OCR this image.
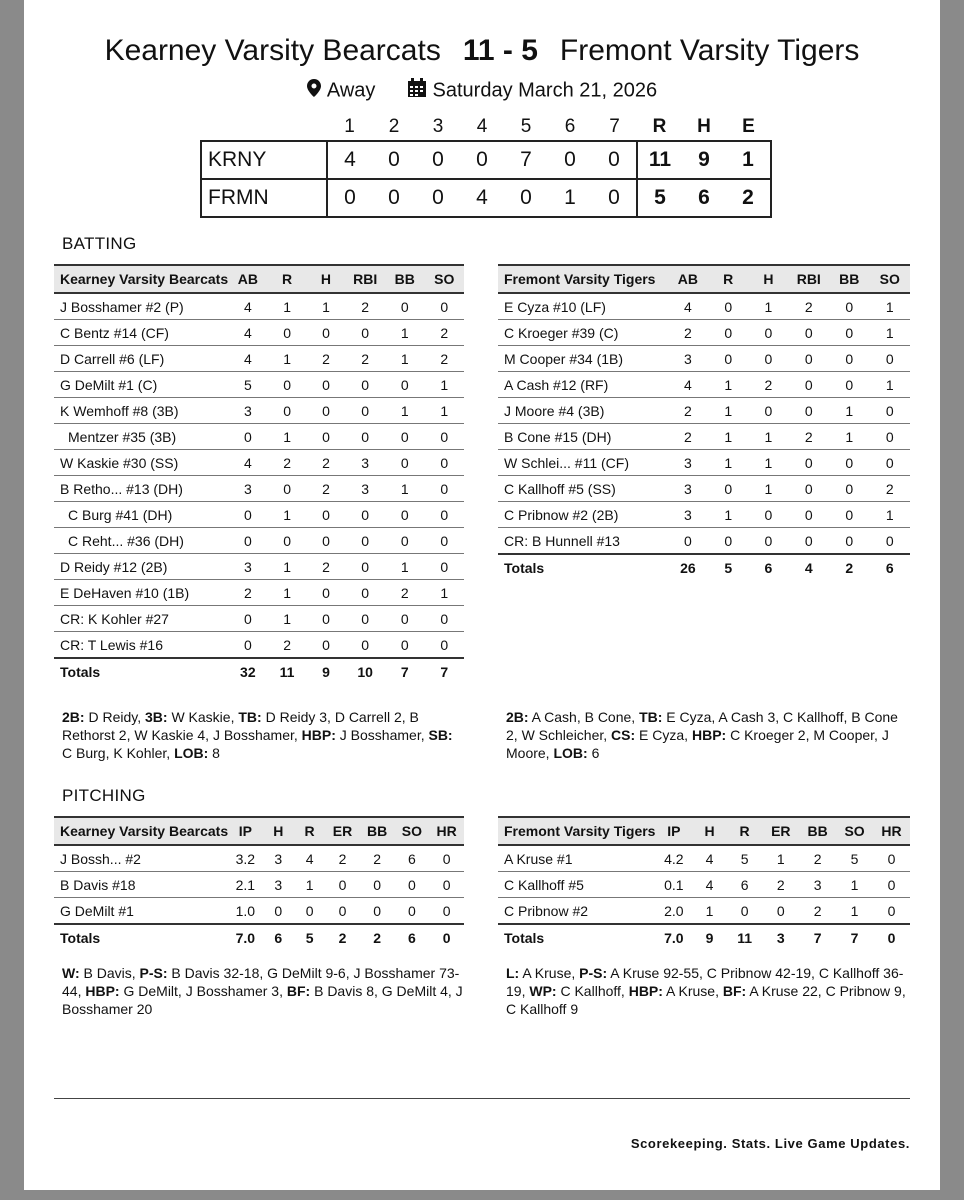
Kearney Varsity Bearcats 11 - 5 Fremont Varsity Tigers
Away	Saturday March 21, 2026
	1	2	3	4	5	6	7	R	H	E
KRNY	4	0	0	0	7	0	0	11	9	1
FRMN	0	0	0	4	0	1	0	5	6	2
BATTING
Kearney Varsity Bearcats	AB	R	H	RBI	BB	SO
J Bosshamer #2 (P)	4	1	1	2	0	0
C Bentz #14 (CF)	4	0	0	0	1	2
D Carrell #6 (LF)	4	1	2	2	1	2
G DeMilt #1 (C)	5	0	0	0	0	1
K Wemhoff #8 (3B)	3	0	0	0	1	1
Mentzer #35 (3B)	0	1	0	0	0	0
W Kaskie #30 (SS)	4	2	2	3	0	0
B Retho... #13 (DH)	3	0	2	3	1	0
C Burg #41 (DH)	0	1	0	0	0	0
C Reht... #36 (DH)	0	0	0	0	0	0
D Reidy #12 (2B)	3	1	2	0	1	0
E DeHaven #10 (1B)	2	1	0	0	2	1
CR: K Kohler #27	0	1	0	0	0	0
CR: T Lewis #16	0	2	0	0	0	0
Totals	32	11	9	10	7	7
Fremont Varsity Tigers	AB	R	H	RBI	BB	SO
E Cyza #10 (LF)	4	0	1	2	0	1
C Kroeger #39 (C)	2	0	0	0	0	1
M Cooper #34 (1B)	3	0	0	0	0	0
A Cash #12 (RF)	4	1	2	0	0	1
J Moore #4 (3B)	2	1	0	0	1	0
B Cone #15 (DH)	2	1	1	2	1	0
W Schlei... #11 (CF)	3	1	1	0	0	0
C Kallhoff #5 (SS)	3	0	1	0	0	2
C Pribnow #2 (2B)	3	1	0	0	0	1
CR: B Hunnell #13	0	0	0	0	0	0
Totals	26	5	6	4	2	6
2B: D Reidy, 3B: W Kaskie, TB: D Reidy 3, D Carrell 2, B Rethorst 2, W Kaskie 4, J Bosshamer, HBP: J Bosshamer, SB: C Burg, K Kohler, LOB: 8
2B: A Cash, B Cone, TB: E Cyza, A Cash 3, C Kallhoff, B Cone 2, W Schleicher, CS: E Cyza, HBP: C Kroeger 2, M Cooper, J Moore, LOB: 6
PITCHING
Kearney Varsity Bearcats	IP	H	R	ER	BB	SO	HR
J Bossh... #2	3.2	3	4	2	2	6	0
B Davis #18	2.1	3	1	0	0	0	0
G DeMilt #1	1.0	0	0	0	0	0	0
Totals	7.0	6	5	2	2	6	0
Fremont Varsity Tigers	IP	H	R	ER	BB	SO	HR
A Kruse #1	4.2	4	5	1	2	5	0
C Kallhoff #5	0.1	4	6	2	3	1	0
C Pribnow #2	2.0	1	0	0	2	1	0
Totals	7.0	9	11	3	7	7	0
W: B Davis, P-S: B Davis 32-18, G DeMilt 9-6, J Bosshamer 73-44, HBP: G DeMilt, J Bosshamer 3, BF: B Davis 8, G DeMilt 4, J Bosshamer 20
L: A Kruse, P-S: A Kruse 92-55, C Pribnow 42-19, C Kallhoff 36-19, WP: C Kallhoff, HBP: A Kruse, BF: A Kruse 22, C Pribnow 9, C Kallhoff 9
Scorekeeping. Stats. Live Game Updates.
